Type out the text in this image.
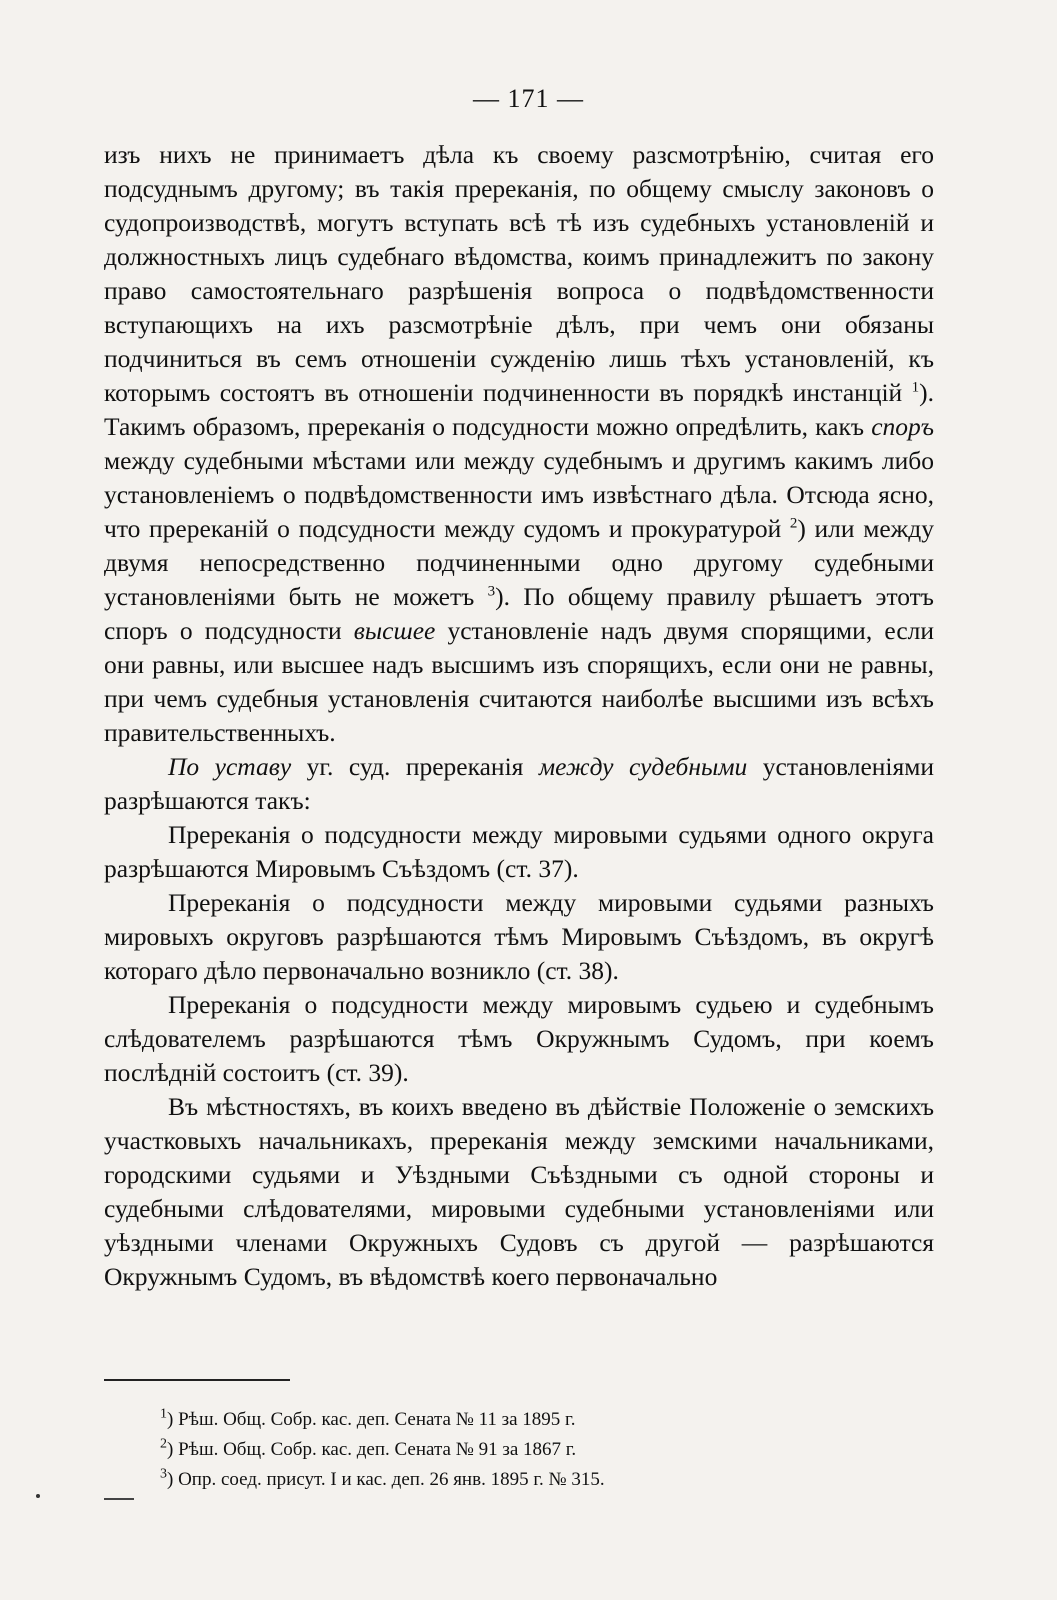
— 171 —

изъ нихъ не принимаетъ дѣла къ своему разсмотрѣнію, считая его подсуднымъ другому; въ такія пререканія, по общему смыслу законовъ о судопроизводствѣ, могутъ вступать всѣ тѣ изъ судебныхъ установленій и должностныхъ лицъ судебнаго вѣдомства, коимъ принадлежитъ по закону право самостоятельнаго разрѣшенія вопроса о подвѣдомственности вступающихъ на ихъ разсмотрѣніе дѣлъ, при чемъ они обязаны подчиниться въ семъ отношеніи сужденію лишь тѣхъ установленій, къ которымъ состоятъ въ отношеніи подчиненности въ порядкѣ инстанцій $^1$). Такимъ образомъ, пререканія о подсудности можно опредѣлить, какъ споръ между судебными мѣстами или между судебнымъ и другимъ какимъ либо установленіемъ о подвѣдомственности имъ извѣстнаго дѣла. Отсюда ясно, что пререканій о подсудности между судомъ и прокуратурой $^2$) или между двумя непосредственно подчиненными одно другому судебными установленіями быть не можетъ $^3$). По общему правилу рѣшаетъ этотъ споръ о подсудности высшее установленіе надъ двумя спорящими, если они равны, или высшее надъ высшимъ изъ спорящихъ, если они не равны, при чемъ судебныя установленія считаются наиболѣе высшими изъ всѣхъ правительственныхъ.

По уставу уг. суд. пререканія между судебными установленіями разрѣшаются такъ:

Пререканія о подсудности между мировыми судьями одного округа разрѣшаются Мировымъ Съѣздомъ (ст. 37).

Пререканія о подсудности между мировыми судьями разныхъ мировыхъ округовъ разрѣшаются тѣмъ Мировымъ Съѣздомъ, въ округѣ котораго дѣло первоначально возникло (ст. 38).

Пререканія о подсудности между мировымъ судьею и судебнымъ слѣдователемъ разрѣшаются тѣмъ Окружнымъ Судомъ, при коемъ послѣдній состоитъ (ст. 39).

Въ мѣстностяхъ, въ коихъ введено въ дѣйствіе Положеніе о земскихъ участковыхъ начальникахъ, пререканія между земскими начальниками, городскими судьями и Уѣздными Съѣздными съ одной стороны и судебными слѣдователями, мировыми судебными установленіями или уѣздными членами Окружныхъ Судовъ съ другой — разрѣшаются Окружнымъ Судомъ, въ вѣдомствѣ коего первоначально

$^1$) Рѣш. Общ. Собр. кас. деп. Сената № 11 за 1895 г.
$^2$) Рѣш. Общ. Собр. кас. деп. Сената № 91 за 1867 г.
$^3$) Опр. соед. присут. I и кас. деп. 26 янв. 1895 г. № 315.
